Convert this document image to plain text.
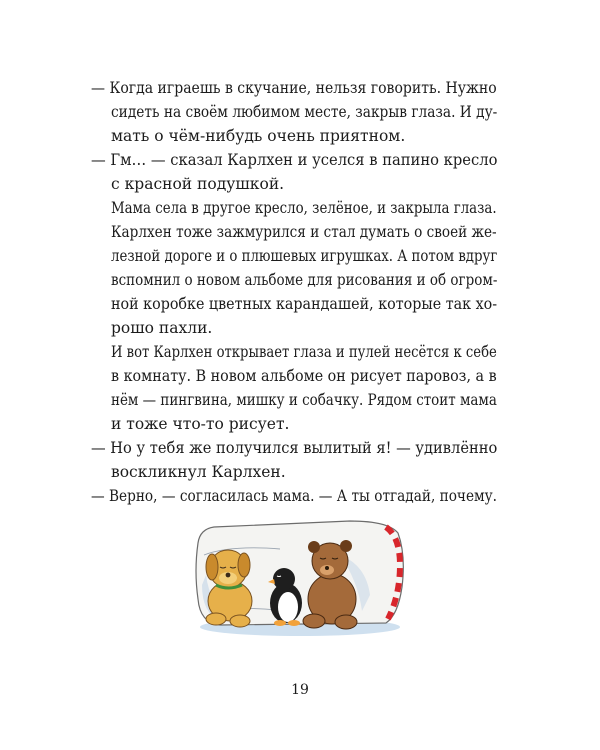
— Когда играешь в скучание, нельзя говорить. Нужно
сидеть на своём любимом месте, закрыв глаза. И ду-
мать о чём-нибудь очень приятном.
— Гм… — сказал Карлхен и уселся в папино кресло
с красной подушкой.
Мама села в другое кресло, зелёное, и закрыла глаза.
Карлхен тоже зажмурился и стал думать о своей же-
лезной дороге и о плюшевых игрушках. А потом вдруг
вспомнил о новом альбоме для рисования и об огром-
ной коробке цветных карандашей, которые так хо-
рошо пахли.
И вот Карлхен открывает глаза и пулей несётся к себе
в комнату. В новом альбоме он рисует паровоз, а в
нём — пингвина, мишку и собачку. Рядом стоит мама
и тоже что-то рисует.
— Но у тебя же получился вылитый я! — удивлённо
воскликнул Карлхен.
— Верно, — согласилась мама. — А ты отгадай, почему.
19
